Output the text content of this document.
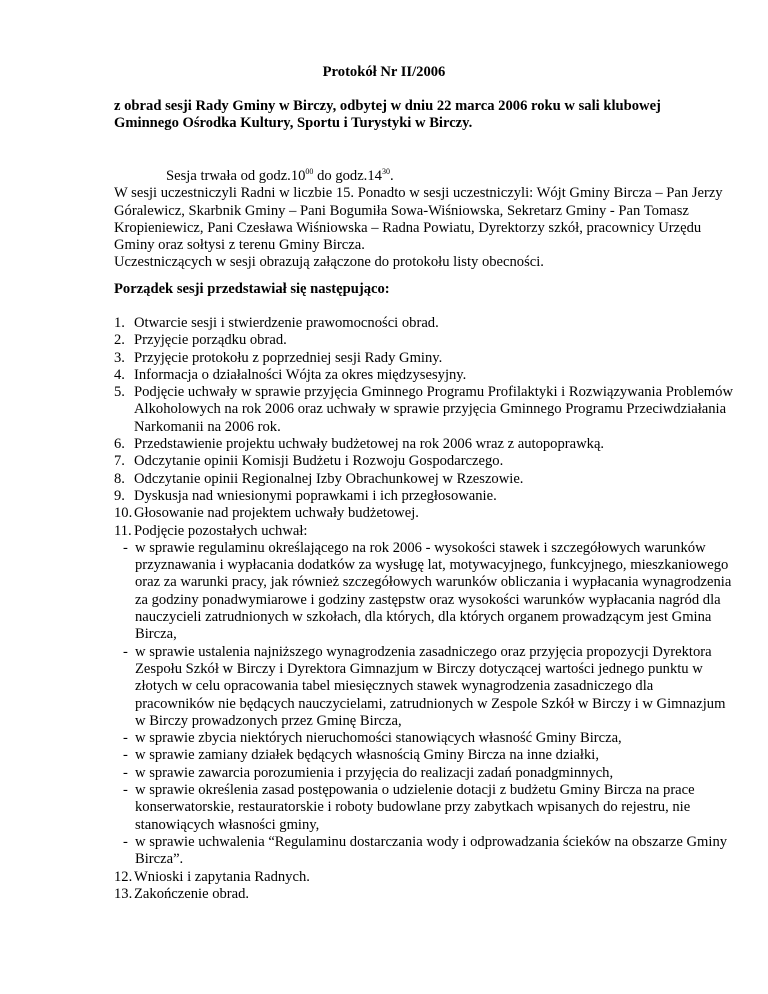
Protokół Nr II/2006
z obrad sesji Rady Gminy w Birczy, odbytej w dniu 22 marca 2006 roku w sali klubowej Gminnego Ośrodka Kultury, Sportu i Turystyki w Birczy.
Sesja trwała od $godz.10^{00}$ do $godz.14^{30}$.
W sesji uczestniczyli Radni w liczbie 15. Ponadto w sesji uczestniczyli: Wójt Gminy Bircza – Pan Jerzy Góralewicz, Skarbnik Gminy – Pani Bogumiła Sowa-Wiśniowska, Sekretarz Gminy - Pan Tomasz Kropieniewicz, Pani Czesława Wiśniowska – Radna Powiatu, Dyrektorzy szkół, pracownicy Urzędu Gminy oraz sołtysi z terenu Gminy Bircza.
Uczestniczących w sesji obrazują załączone do protokołu listy obecności.
Porządek sesji przedstawiał się następująco:
1. Otwarcie sesji i stwierdzenie prawomocności obrad.
2. Przyjęcie porządku obrad.
3. Przyjęcie protokołu z poprzedniej sesji Rady Gminy.
4. Informacja o działalności Wójta za okres międzysesyjny.
5. Podjęcie uchwały w sprawie przyjęcia Gminnego Programu Profilaktyki i Rozwiązywania Problemów Alkoholowych na rok 2006 oraz uchwały w sprawie przyjęcia Gminnego Programu Przeciwdziałania Narkomanii na 2006 rok.
6. Przedstawienie projektu uchwały budżetowej na rok 2006 wraz z autopoprawką.
7. Odczytanie opinii Komisji Budżetu i Rozwoju Gospodarczego.
8. Odczytanie opinii Regionalnej Izby Obrachunkowej w Rzeszowie.
9. Dyskusja nad wniesionymi poprawkami i ich przegłosowanie.
10. Głosowanie nad projektem uchwały budżetowej.
11. Podjęcie pozostałych uchwał:
- w sprawie regulaminu określającego na rok 2006 - wysokości stawek i szczegółowych warunków przyznawania i wypłacania dodatków za wysługę lat, motywacyjnego, funkcyjnego, mieszkaniowego oraz za warunki pracy, jak również szczegółowych warunków obliczania i wypłacania wynagrodzenia za godziny ponadwymiarowe i godziny zastępstw oraz wysokości warunków wypłacania nagród dla nauczycieli zatrudnionych w szkołach, dla których, dla których organem prowadzącym jest Gmina Bircza,
- w sprawie ustalenia najniższego wynagrodzenia zasadniczego oraz przyjęcia propozycji Dyrektora Zespołu Szkół w Birczy i Dyrektora Gimnazjum w Birczy dotyczącej wartości jednego punktu w złotych w celu opracowania tabel miesięcznych stawek wynagrodzenia zasadniczego dla pracowników nie będących nauczycielami, zatrudnionych w Zespole Szkół w Birczy i w Gimnazjum w Birczy prowadzonych przez Gminę Bircza,
- w sprawie zbycia niektórych nieruchomości stanowiących własność Gminy Bircza,
- w sprawie zamiany działek będących własnością Gminy Bircza na inne działki,
- w sprawie zawarcia porozumienia i przyjęcia do realizacji zadań ponadgminnych,
- w sprawie określenia zasad postępowania o udzielenie dotacji z budżetu Gminy Bircza na prace konserwatorskie, restauratorskie i roboty budowlane przy zabytkach wpisanych do rejestru, nie stanowiących własności gminy,
- w sprawie uchwalenia “Regulaminu dostarczania wody i odprowadzania ścieków na obszarze Gminy Bircza”.
12. Wnioski i zapytania Radnych.
13. Zakończenie obrad.
